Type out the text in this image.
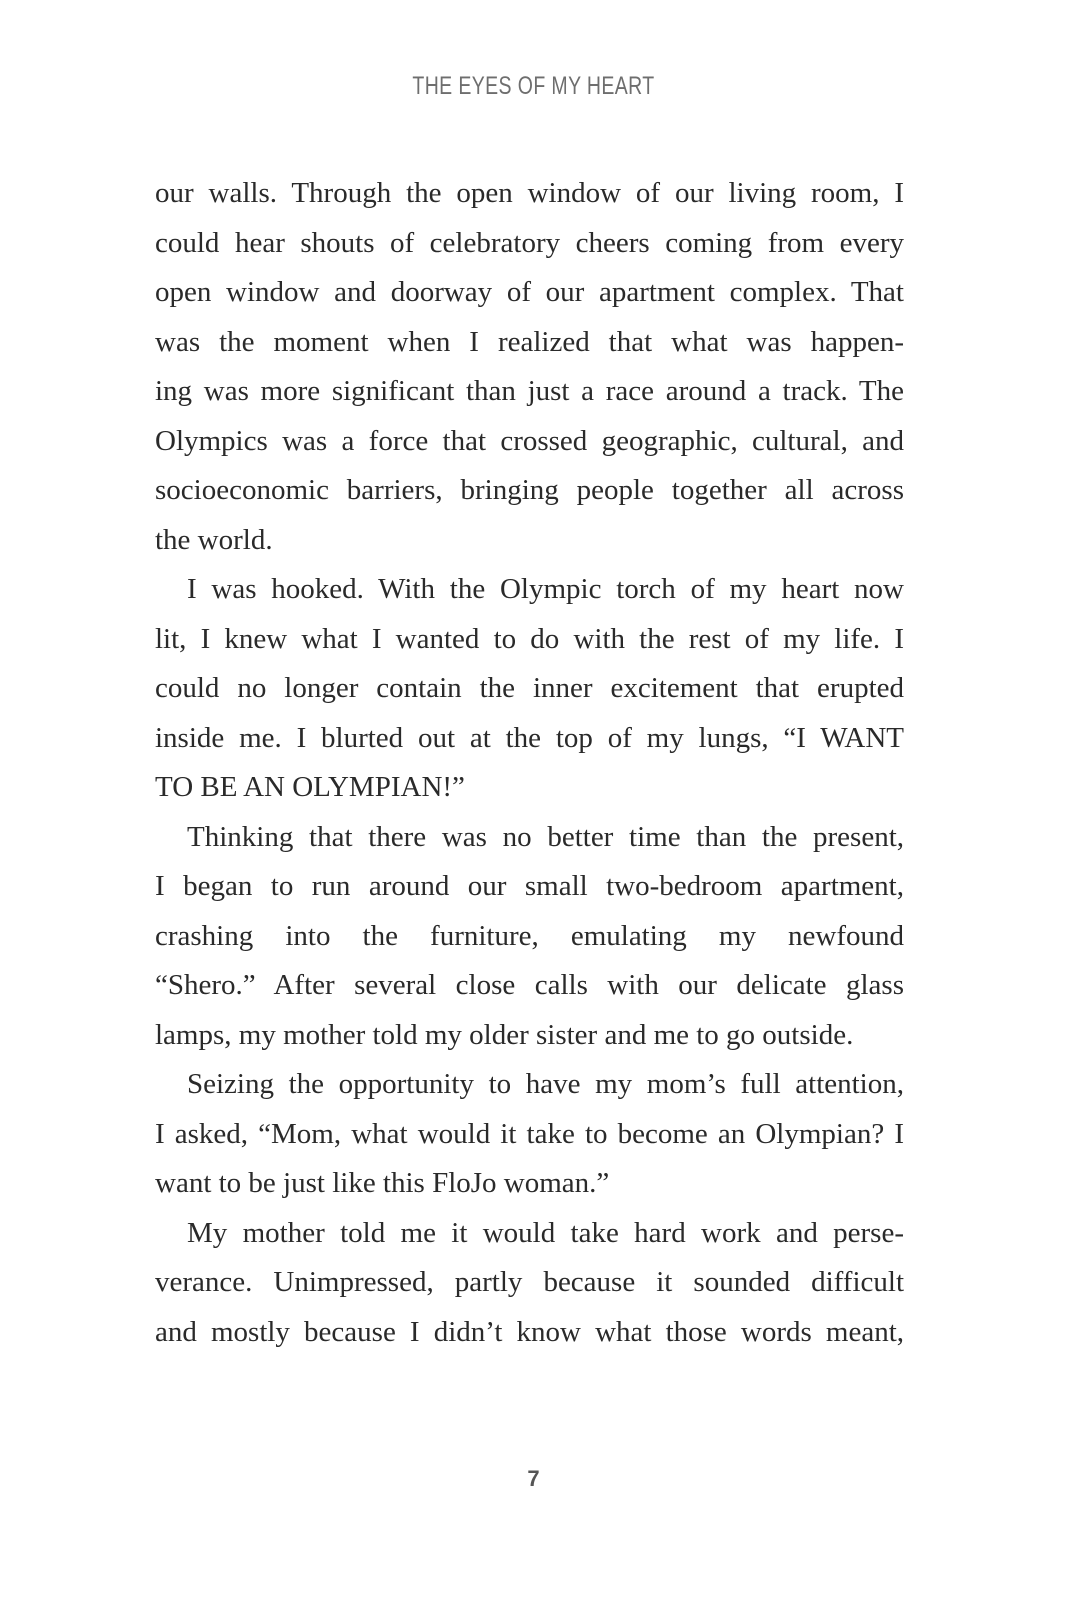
THE EYES OF MY HEART
our walls. Through the open window of our living room, I
could hear shouts of celebratory cheers coming from every
open window and doorway of our apartment complex. That
was the moment when I realized that what was happen-
ing was more significant than just a race around a track. The
Olympics was a force that crossed geographic, cultural, and
socioeconomic barriers, bringing people together all across
the world.
I was hooked. With the Olympic torch of my heart now
lit, I knew what I wanted to do with the rest of my life. I
could no longer contain the inner excitement that erupted
inside me. I blurted out at the top of my lungs, “I WANT
TO BE AN OLYMPIAN!”
Thinking that there was no better time than the present,
I began to run around our small two-bedroom apartment,
crashing into the furniture, emulating my newfound
“Shero.” After several close calls with our delicate glass
lamps, my mother told my older sister and me to go outside.
Seizing the opportunity to have my mom’s full attention,
I asked, “Mom, what would it take to become an Olympian? I
want to be just like this FloJo woman.”
My mother told me it would take hard work and perse-
verance. Unimpressed, partly because it sounded difficult
and mostly because I didn’t know what those words meant,
7
